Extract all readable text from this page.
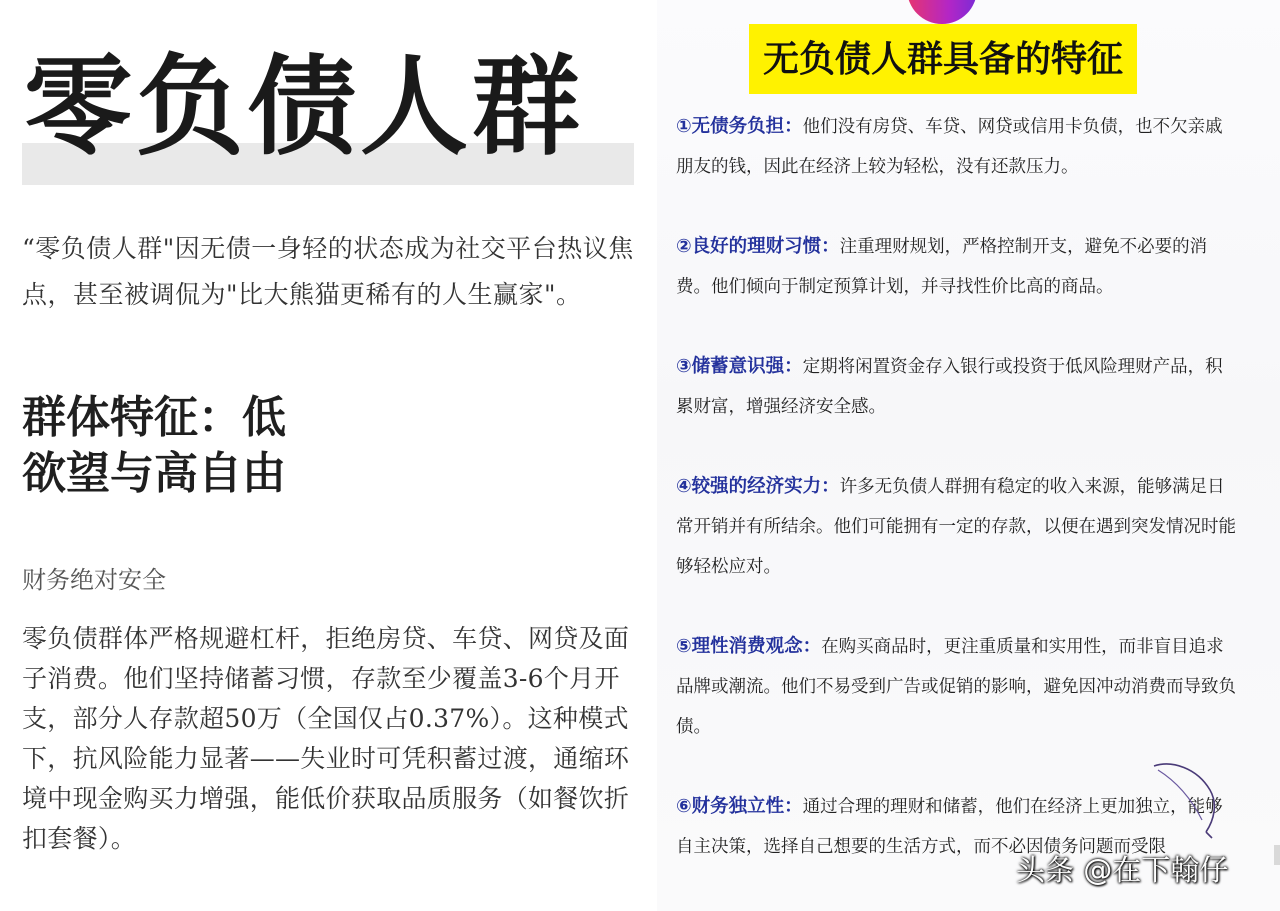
零负债人群

“零负债人群"因无债一身轻的状态成为社交平台热议焦点，甚至被调侃为"比大熊猫更稀有的人生赢家"。

群体特征：低
欲望与高自由

财务绝对安全

零负债群体严格规避杠杆，拒绝房贷、车贷、网贷及面子消费。他们坚持储蓄习惯，存款至少覆盖3-6个月开支，部分人存款超50万（全国仅占0.37%）。这种模式下，抗风险能力显著——失业时可凭积蓄过渡，通缩环境中现金购买力增强，能低价获取品质服务（如餐饮折扣套餐）。

无负债人群具备的特征

①无债务负担：他们没有房贷、车贷、网贷或信用卡负债，也不欠亲戚朋友的钱，因此在经济上较为轻松，没有还款压力。

②良好的理财习惯：注重理财规划，严格控制开支，避免不必要的消费。他们倾向于制定预算计划，并寻找性价比高的商品。

③储蓄意识强：定期将闲置资金存入银行或投资于低风险理财产品，积累财富，增强经济安全感。

④较强的经济实力：许多无负债人群拥有稳定的收入来源，能够满足日常开销并有所结余。他们可能拥有一定的存款，以便在遇到突发情况时能够轻松应对。

⑤理性消费观念：在购买商品时，更注重质量和实用性，而非盲目追求品牌或潮流。他们不易受到广告或促销的影响，避免因冲动消费而导致负债。

⑥财务独立性：通过合理的理财和储蓄，他们在经济上更加独立，能够自主决策，选择自己想要的生活方式，而不必因债务问题而受限

头条 @在下翰仔
